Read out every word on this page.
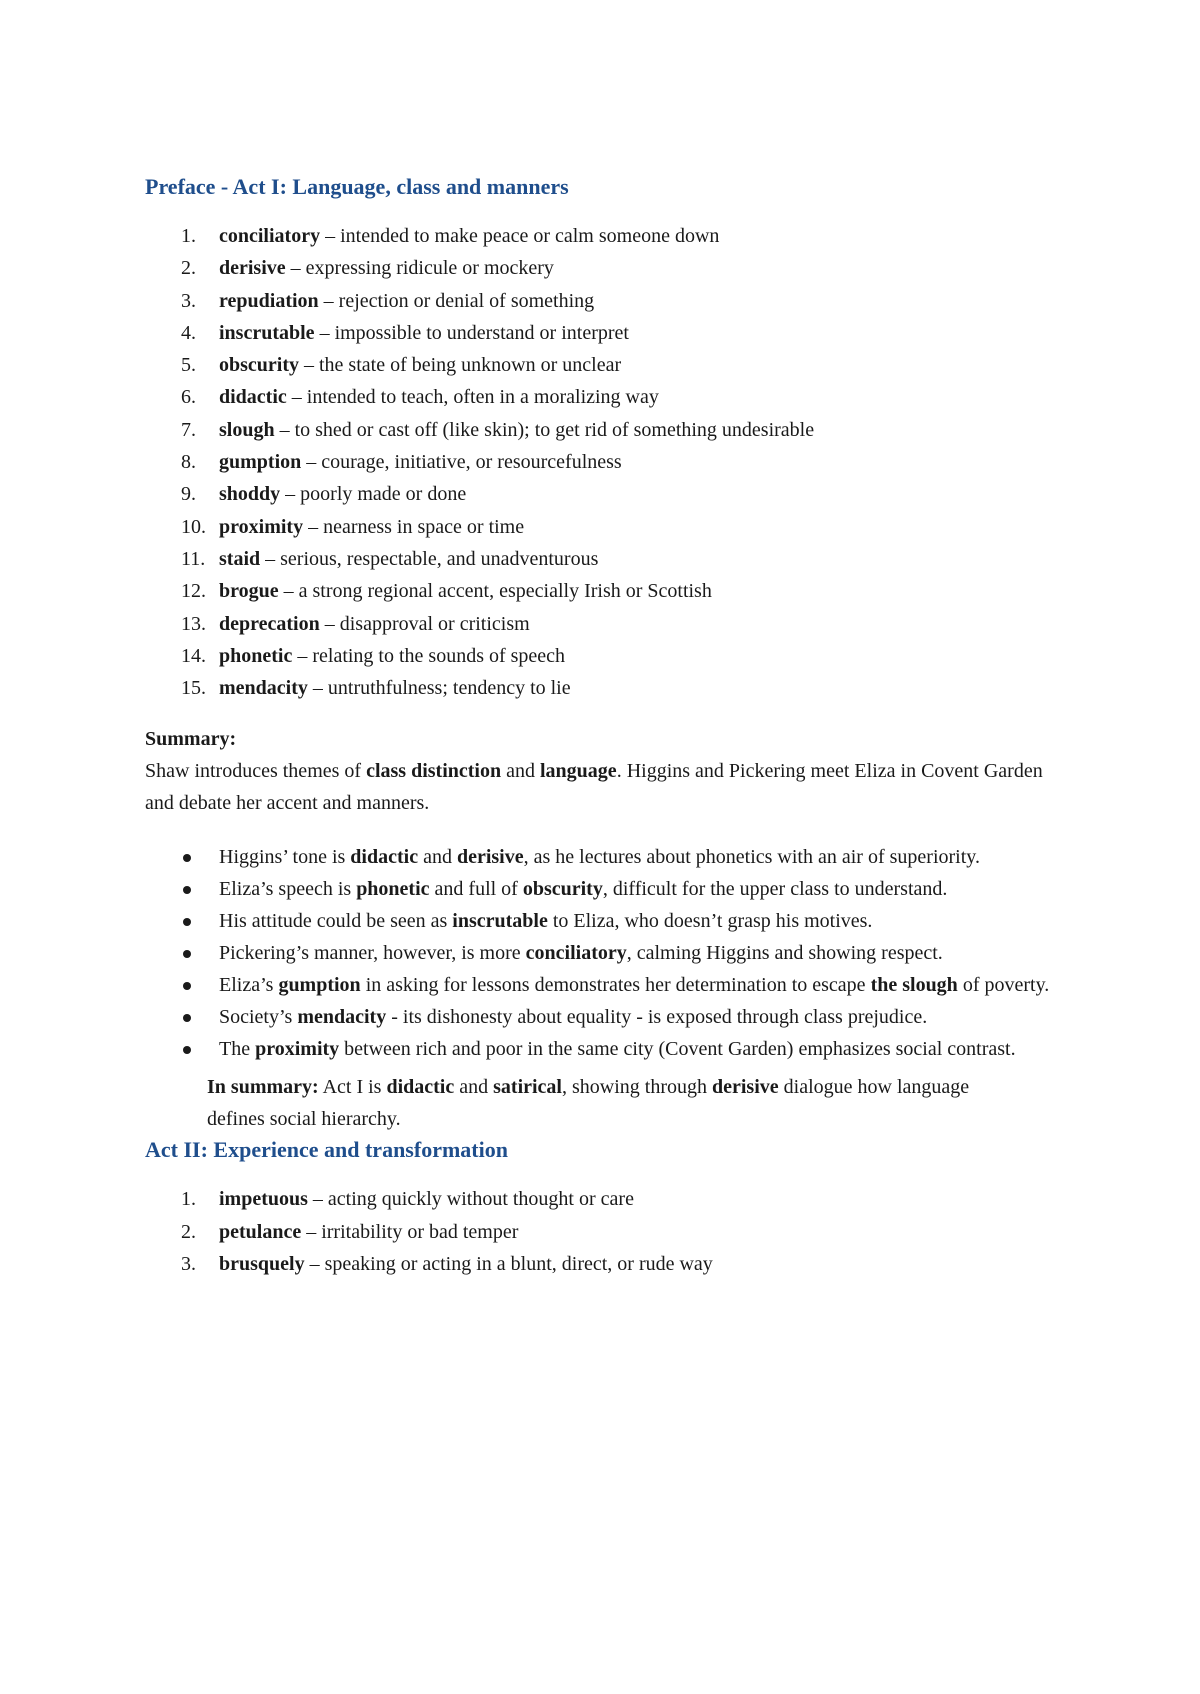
Preface - Act I: Language, class and manners
1. conciliatory – intended to make peace or calm someone down
2. derisive – expressing ridicule or mockery
3. repudiation – rejection or denial of something
4. inscrutable – impossible to understand or interpret
5. obscurity – the state of being unknown or unclear
6. didactic – intended to teach, often in a moralizing way
7. slough – to shed or cast off (like skin); to get rid of something undesirable
8. gumption – courage, initiative, or resourcefulness
9. shoddy – poorly made or done
10. proximity – nearness in space or time
11. staid – serious, respectable, and unadventurous
12. brogue – a strong regional accent, especially Irish or Scottish
13. deprecation – disapproval or criticism
14. phonetic – relating to the sounds of speech
15. mendacity – untruthfulness; tendency to lie
Summary:

Shaw introduces themes of class distinction and language. Higgins and Pickering meet Eliza in Covent Garden and debate her accent and manners.

Higgins’ tone is didactic and derisive, as he lectures about phonetics with an air of superiority.
Eliza’s speech is phonetic and full of obscurity, difficult for the upper class to understand.
His attitude could be seen as inscrutable to Eliza, who doesn’t grasp his motives.
Pickering’s manner, however, is more conciliatory, calming Higgins and showing respect.
Eliza’s gumption in asking for lessons demonstrates her determination to escape the slough of poverty.
Society’s mendacity - its dishonesty about equality - is exposed through class prejudice.
The proximity between rich and poor in the same city (Covent Garden) emphasizes social contrast.

In summary: Act I is didactic and satirical, showing through derisive dialogue how language defines social hierarchy.

Act II: Experience and transformation
1. impetuous – acting quickly without thought or care
2. petulance – irritability or bad temper
3. brusquely – speaking or acting in a blunt, direct, or rude way
